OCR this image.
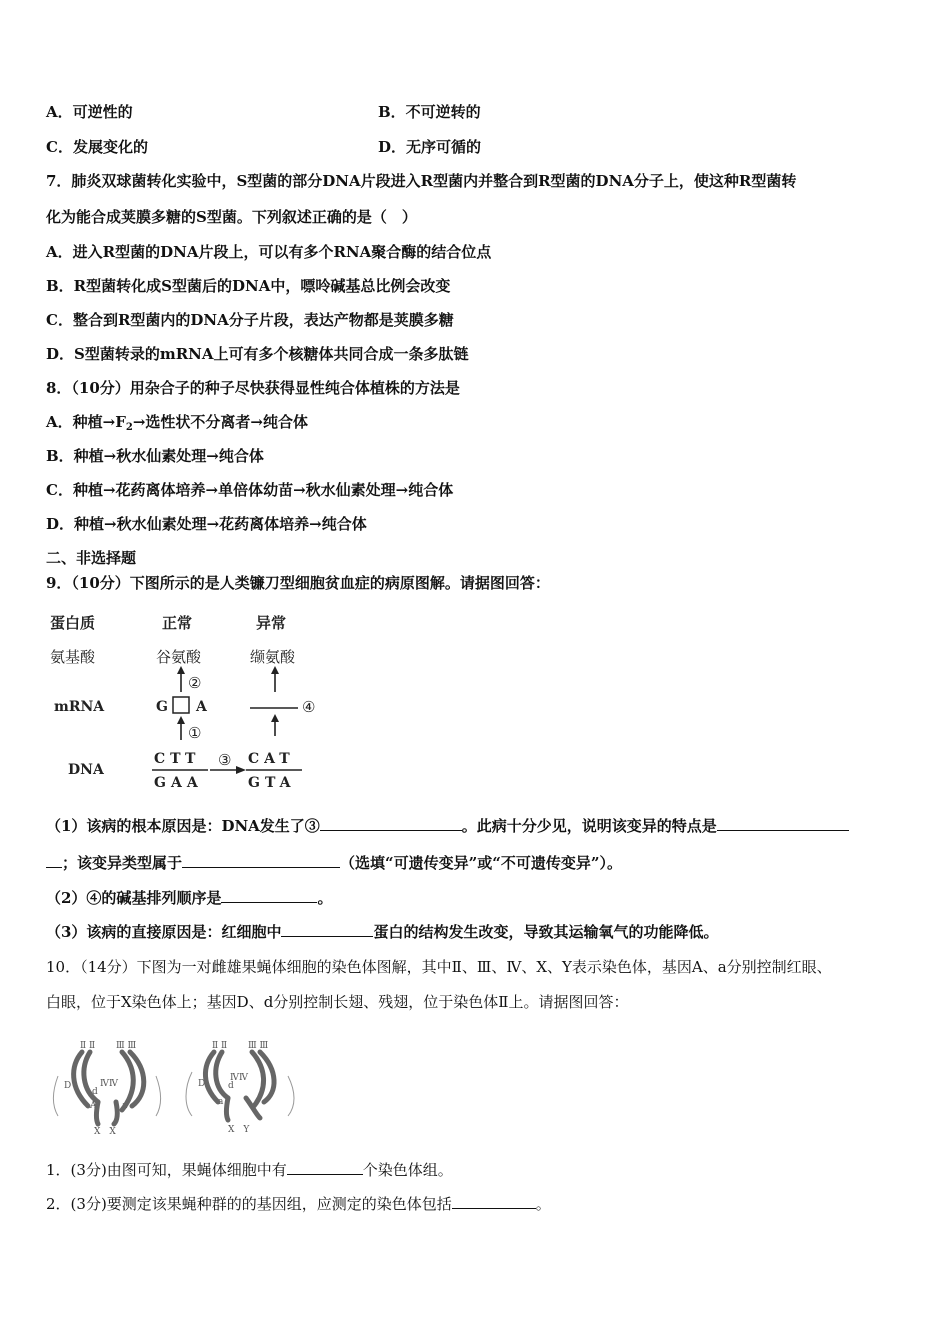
A．可逆性的	B．不可逆转的
C．发展变化的	D．无序可循的
7．肺炎双球菌转化实验中，S型菌的部分DNA片段进入R型菌内并整合到R型菌的DNA分子上，使这种R型菌转
化为能合成荚膜多糖的S型菌。下列叙述正确的是（　）
A．进入R型菌的DNA片段上，可以有多个RNA聚合酶的结合位点
B．R型菌转化成S型菌后的DNA中，嘌呤碱基总比例会改变
C．整合到R型菌内的DNA分子片段，表达产物都是荚膜多糖
D．S型菌转录的mRNA上可有多个核糖体共同合成一条多肽链
8．（10分）用杂合子的种子尽快获得显性纯合体植株的方法是
A．种植$\to F_2\to$选性状不分离者→纯合体
B．种植→秋水仙素处理→纯合体
C．种植→花药离体培养→单倍体幼苗→秋水仙素处理→纯合体
D．种植→秋水仙素处理→花药离体培养→纯合体
二、非选择题
9．（10分）下图所示的是人类镰刀型细胞贫血症的病原图解。请据图回答：
蛋白质	正常	异常
氨基酸	谷氨酸	缬氨酸
mRNA
DNA
②
①
③
④
G A
CTT
GAA
CAT
GTA
（1）该病的根本原因是：DNA发生了③	。此病十分少见，说明该变异的特点是
；该变异类型属于	（选填“可遗传变异”或“不可遗传变异”）。
（2）④的碱基排列顺序是	。
（3）该病的直接原因是：红细胞中	蛋白的结构发生改变，导致其运输氧气的功能降低。
10．（14分）下图为一对雌雄果蝇体细胞的染色体图解，其中Ⅱ、Ⅲ、Ⅳ、X、Y表示染色体，基因A、a分别控制红眼、
白眼，位于X染色体上；基因D、d分别控制长翅、残翅，位于染色体Ⅱ上。请据图回答：
Ⅱ Ⅱ Ⅲ Ⅲ	Ⅱ Ⅱ Ⅲ Ⅲ
ⅣⅣ
ⅣⅣ
D
d
A	a
D	d
a
X　X	X　Y
1．(3分)由图可知，果蝇体细胞中有	个染色体组。
2．(3分)要测定该果蝇种群的的基因组，应测定的染色体包括	。
